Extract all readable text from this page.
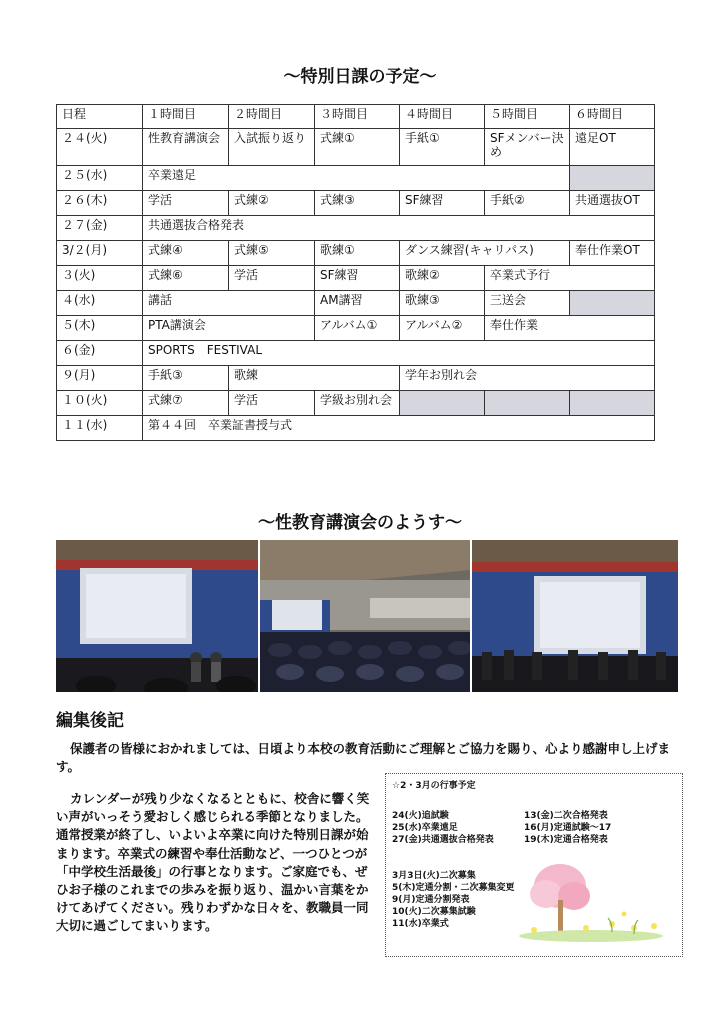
～特別日課の予定～
日程	１時間目	２時間目	３時間目	４時間目	５時間目	６時間目
２４(火)	性教育講演会	入試振り返り	式練①	手紙①	SFメンバー決め	遠足OT
２５(水)	卒業遠足					
２６(木)	学活	式練②	式練③	SF練習	手紙②	共通選抜OT
２７(金)	共通選抜合格発表					
3/２(月)	式練④	式練⑤	歌練①	ダンス練習(キャリパス)		奉仕作業OT
３(火)	式練⑥	学活	SF練習	歌練②	卒業式予行	
４(水)	講話		AM講習	歌練③	三送会	
５(木)	PTA講演会		アルバム①	アルバム②	奉仕作業	
６(金)	SPORTS　FESTIVAL					
９(月)	手紙③	歌練		学年お別れ会		
１０(火)	式練⑦	学活	学級お別れ会			
１１(水)	第４４回　卒業証書授与式					
～性教育講演会のようす～
編集後記
保護者の皆様におかれましては、日頃より本校の教育活動にご理解とご協力を賜り、心より感謝申し上げます。
カレンダーが残り少なくなるとともに、校舎に響く笑い声がいっそう愛おしく感じられる季節となりました。通常授業が終了し、いよいよ卒業に向けた特別日課が始まります。卒業式の練習や奉仕活動など、一つひとつが「中学校生活最後」の行事となります。ご家庭でも、ぜひお子様のこれまでの歩みを振り返り、温かい言葉をかけてあげてください。残りわずかな日々を、教職員一同大切に過ごしてまいります。
☆2・3月の行事予定
24(火)追試験
25(水)卒業遠足
27(金)共通選抜合格発表
13(金)二次合格発表
16(月)定通試験～17
19(木)定通合格発表
3月3日(火)二次募集
5(木)定通分割・二次募集変更
9(月)定通分割発表
10(火)二次募集試験
11(水)卒業式
